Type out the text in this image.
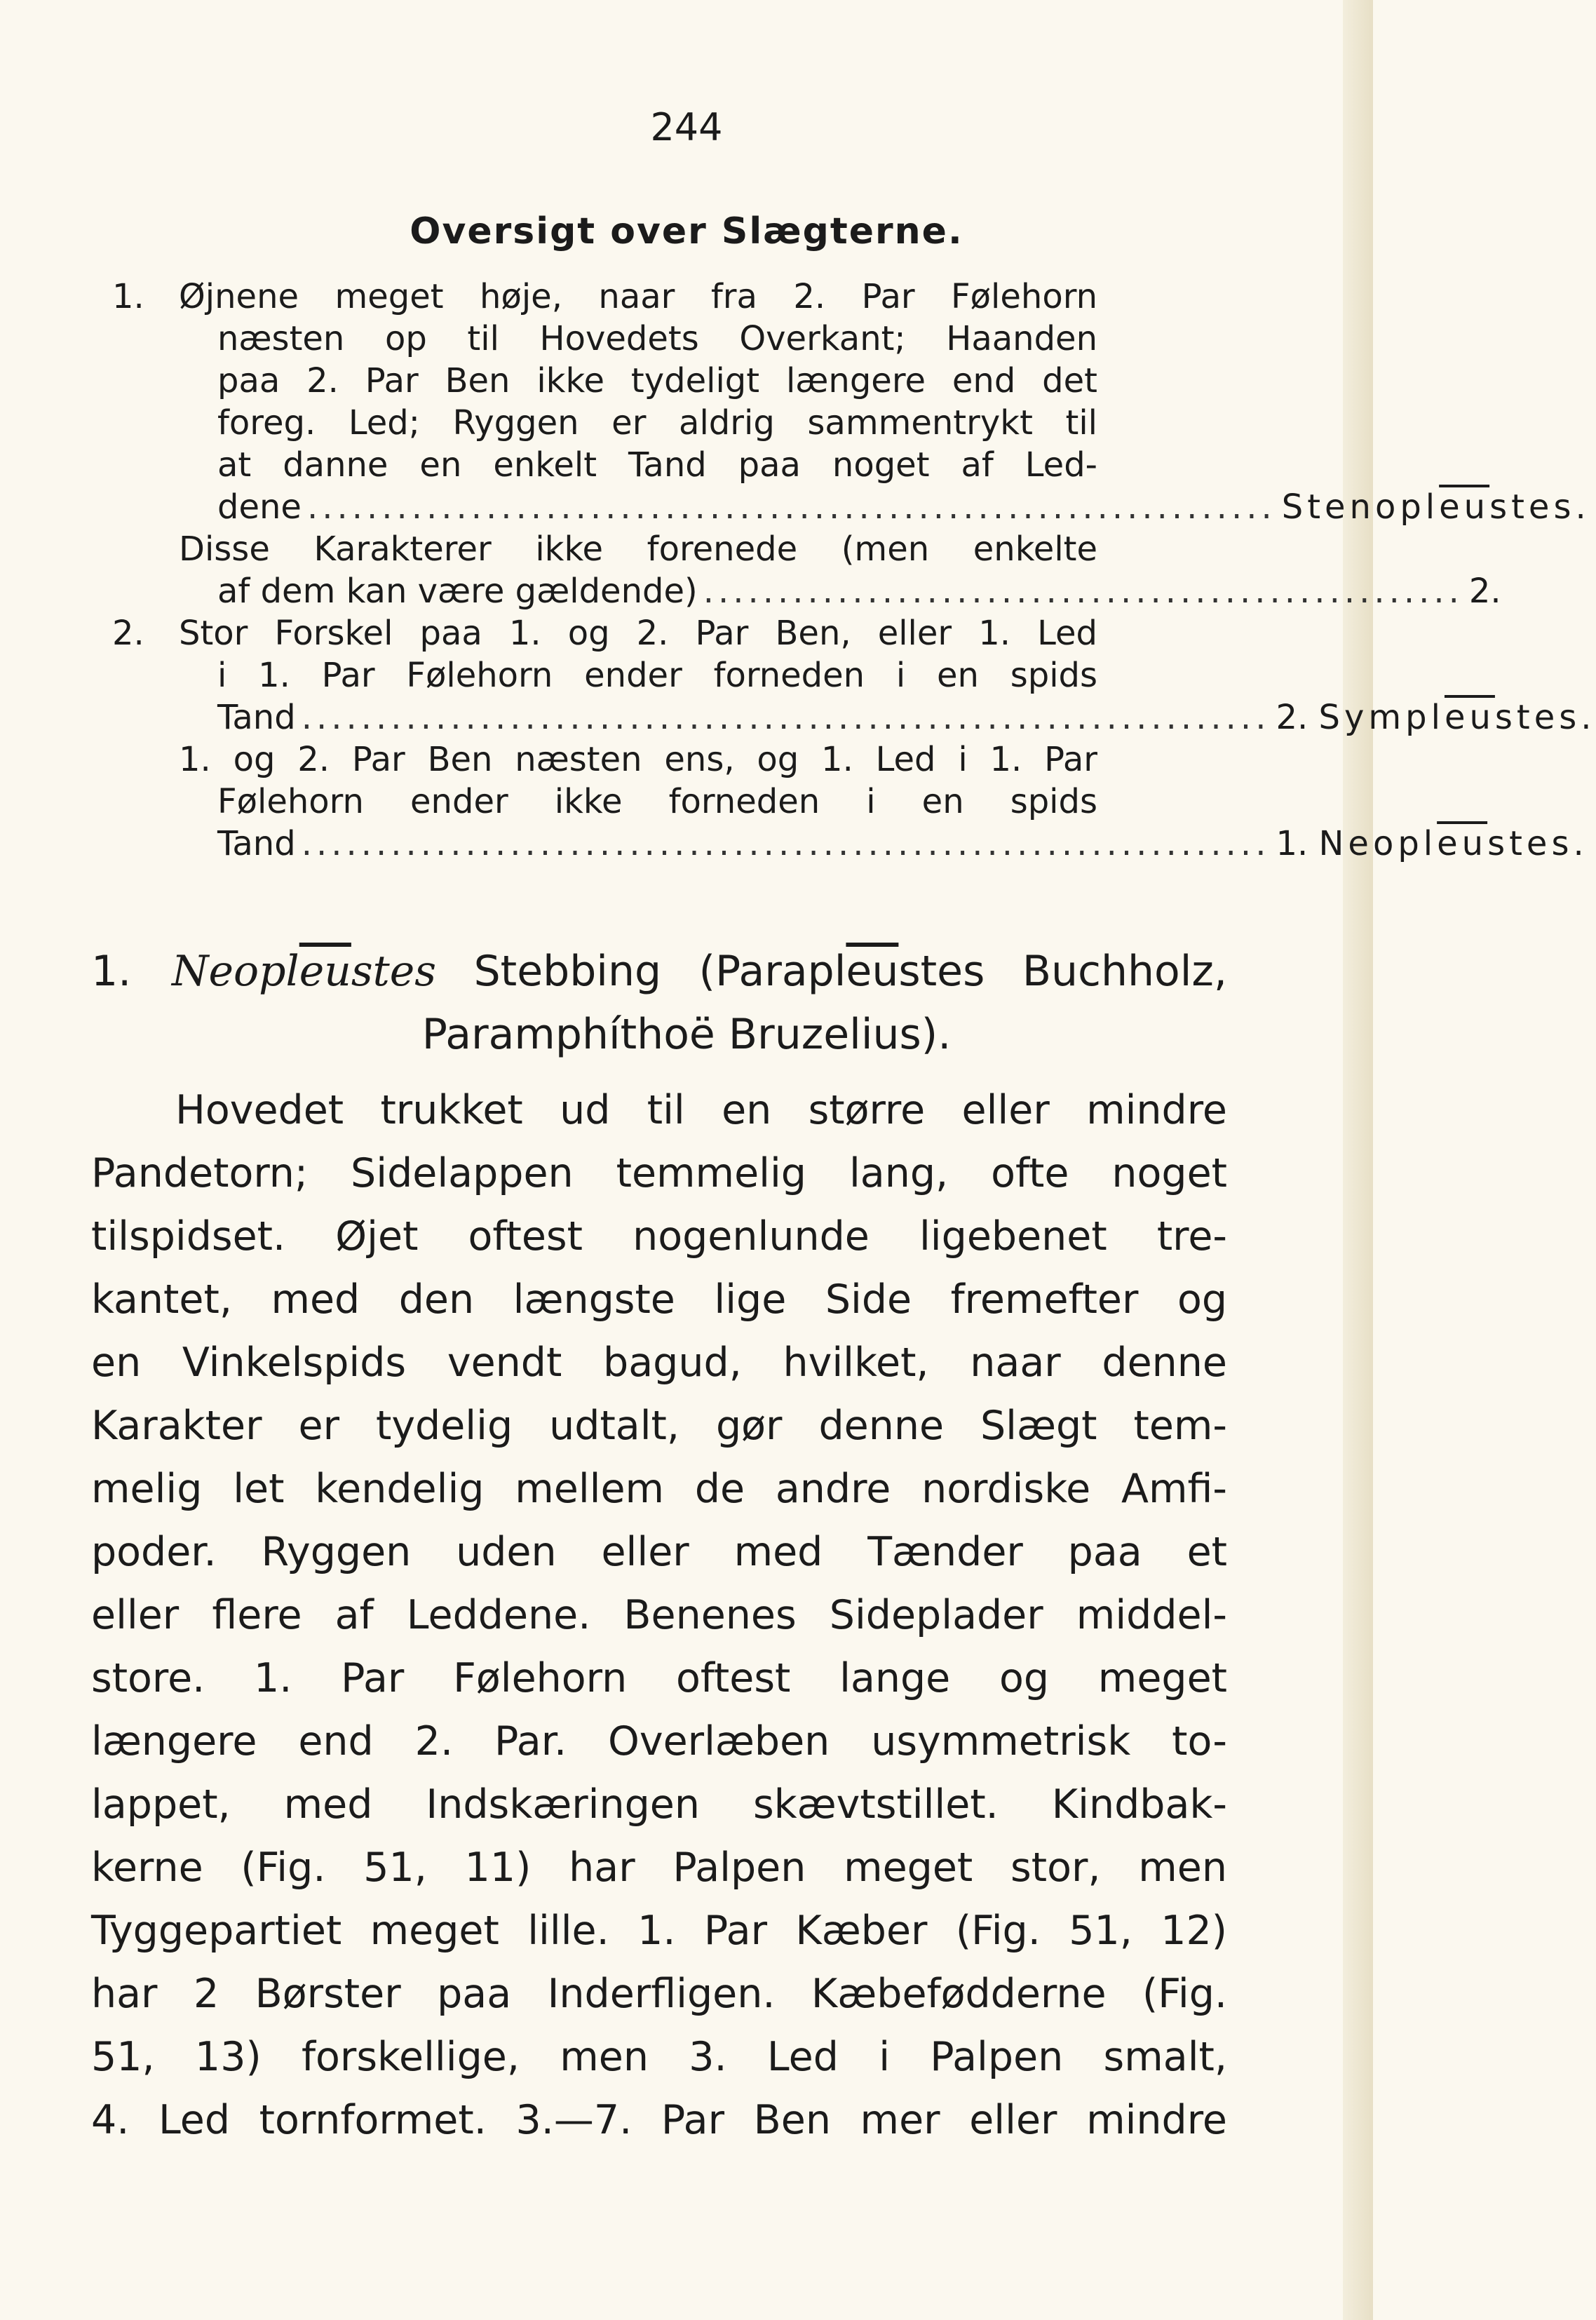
244
Oversigt over Slægterne.
1. Øjnene meget høje, naar fra 2. Par Følehorn
næsten op til Hovedets Overkant; Haanden
paa 2. Par Ben ikke tydeligt længere end det
foreg. Led; Ryggen er aldrig sammentrykt til
at danne en enkelt Tand paa noget af Led-
dene ................................................................. $Stenopl\overline{eu}stes$.
Disse Karakterer ikke forenede (men enkelte
af dem kan være gældende) ................................................... 2.
2. Stor Forskel paa 1. og 2. Par Ben, eller 1. Led
i 1. Par Følehorn ender forneden i en spids
Tand ................................................................. 2. $Sympl\overline{eu}stes$.
1. og 2. Par Ben næsten ens, og 1. Led i 1. Par
Følehorn ender ikke forneden i en spids
Tand ................................................................. 1. $Neopl\overline{eu}stes$.
1. $Neopl\overline{eu}stes$ Stebbing ($Parapl\overline{eu}stes$ Buchholz,
Paramphíthoë Bruzelius).
Hovedet trukket ud til en større eller mindre
Pandetorn; Sidelappen temmelig lang, ofte noget
tilspidset. Øjet oftest nogenlunde ligebenet tre-
kantet, med den længste lige Side fremefter og
en Vinkelspids vendt bagud, hvilket, naar denne
Karakter er tydelig udtalt, gør denne Slægt tem-
melig let kendelig mellem de andre nordiske Amfi-
poder. Ryggen uden eller med Tænder paa et
eller flere af Leddene. Benenes Sideplader middel-
store. 1. Par Følehorn oftest lange og meget
længere end 2. Par. Overlæben usymmetrisk to-
lappet, med Indskæringen skævtstillet. Kindbak-
kerne (Fig. 51, 11) har Palpen meget stor, men
Tyggepartiet meget lille. 1. Par Kæber (Fig. 51, 12)
har 2 Børster paa Inderfligen. Kæbefødderne (Fig.
51, 13) forskellige, men 3. Led i Palpen smalt,
4. Led tornformet. 3.—7. Par Ben mer eller mindre
